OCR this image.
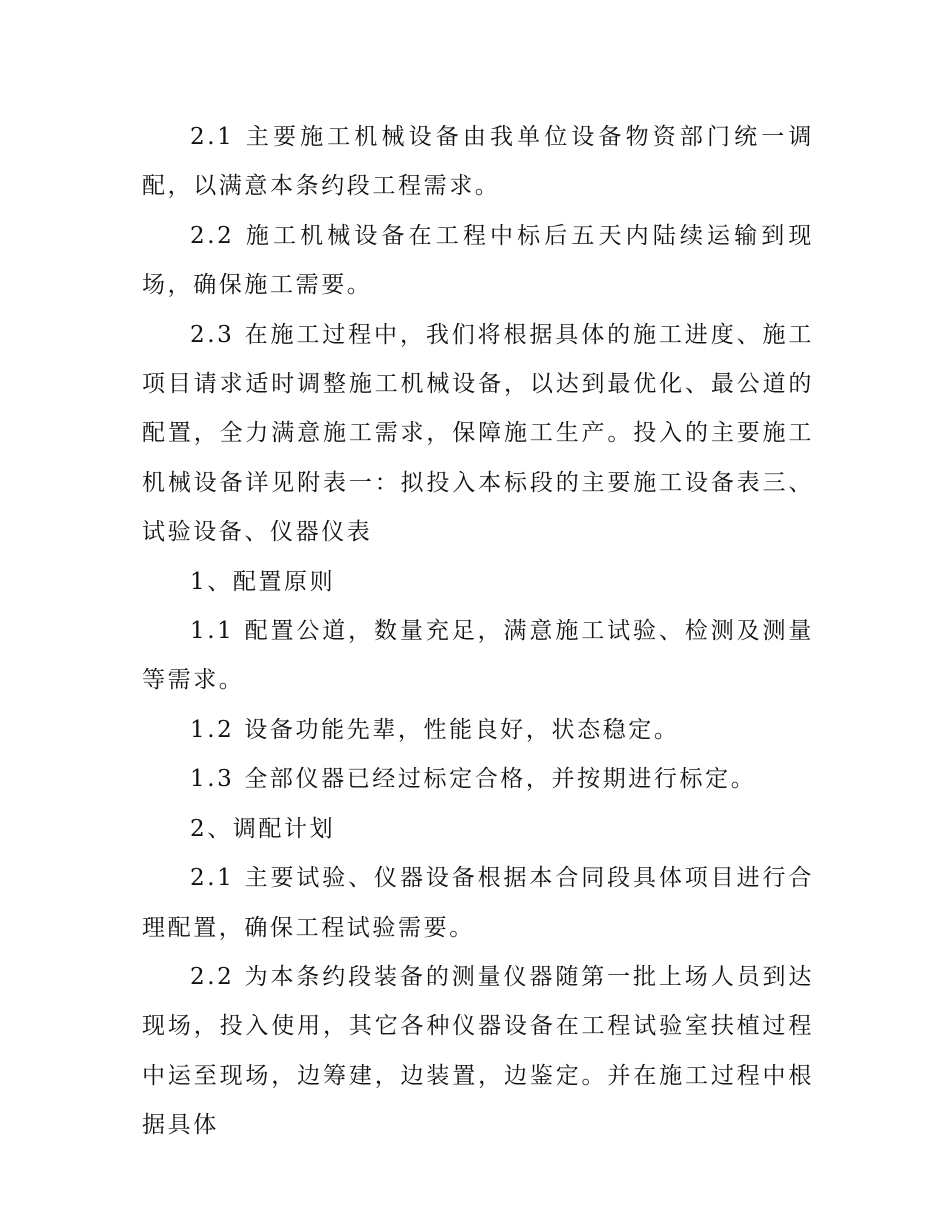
2.1 主要施工机械设备由我单位设备物资部门统一调配，以满意本条约段工程需求。

2.2 施工机械设备在工程中标后五天内陆续运输到现场，确保施工需要。

2.3 在施工过程中，我们将根据具体的施工进度、施工项目请求适时调整施工机械设备，以达到最优化、最公道的配置，全力满意施工需求，保障施工生产。投入的主要施工机械设备详见附表一：拟投入本标段的主要施工设备表三、试验设备、仪器仪表

1、配置原则

1.1 配置公道，数量充足，满意施工试验、检测及测量等需求。

1.2 设备功能先辈，性能良好，状态稳定。

1.3 全部仪器已经过标定合格，并按期进行标定。

2、调配计划

2.1 主要试验、仪器设备根据本合同段具体项目进行合理配置，确保工程试验需要。

2.2 为本条约段装备的测量仪器随第一批上场人员到达现场，投入使用，其它各种仪器设备在工程试验室扶植过程中运至现场，边筹建，边装置，边鉴定。并在施工过程中根据具体
